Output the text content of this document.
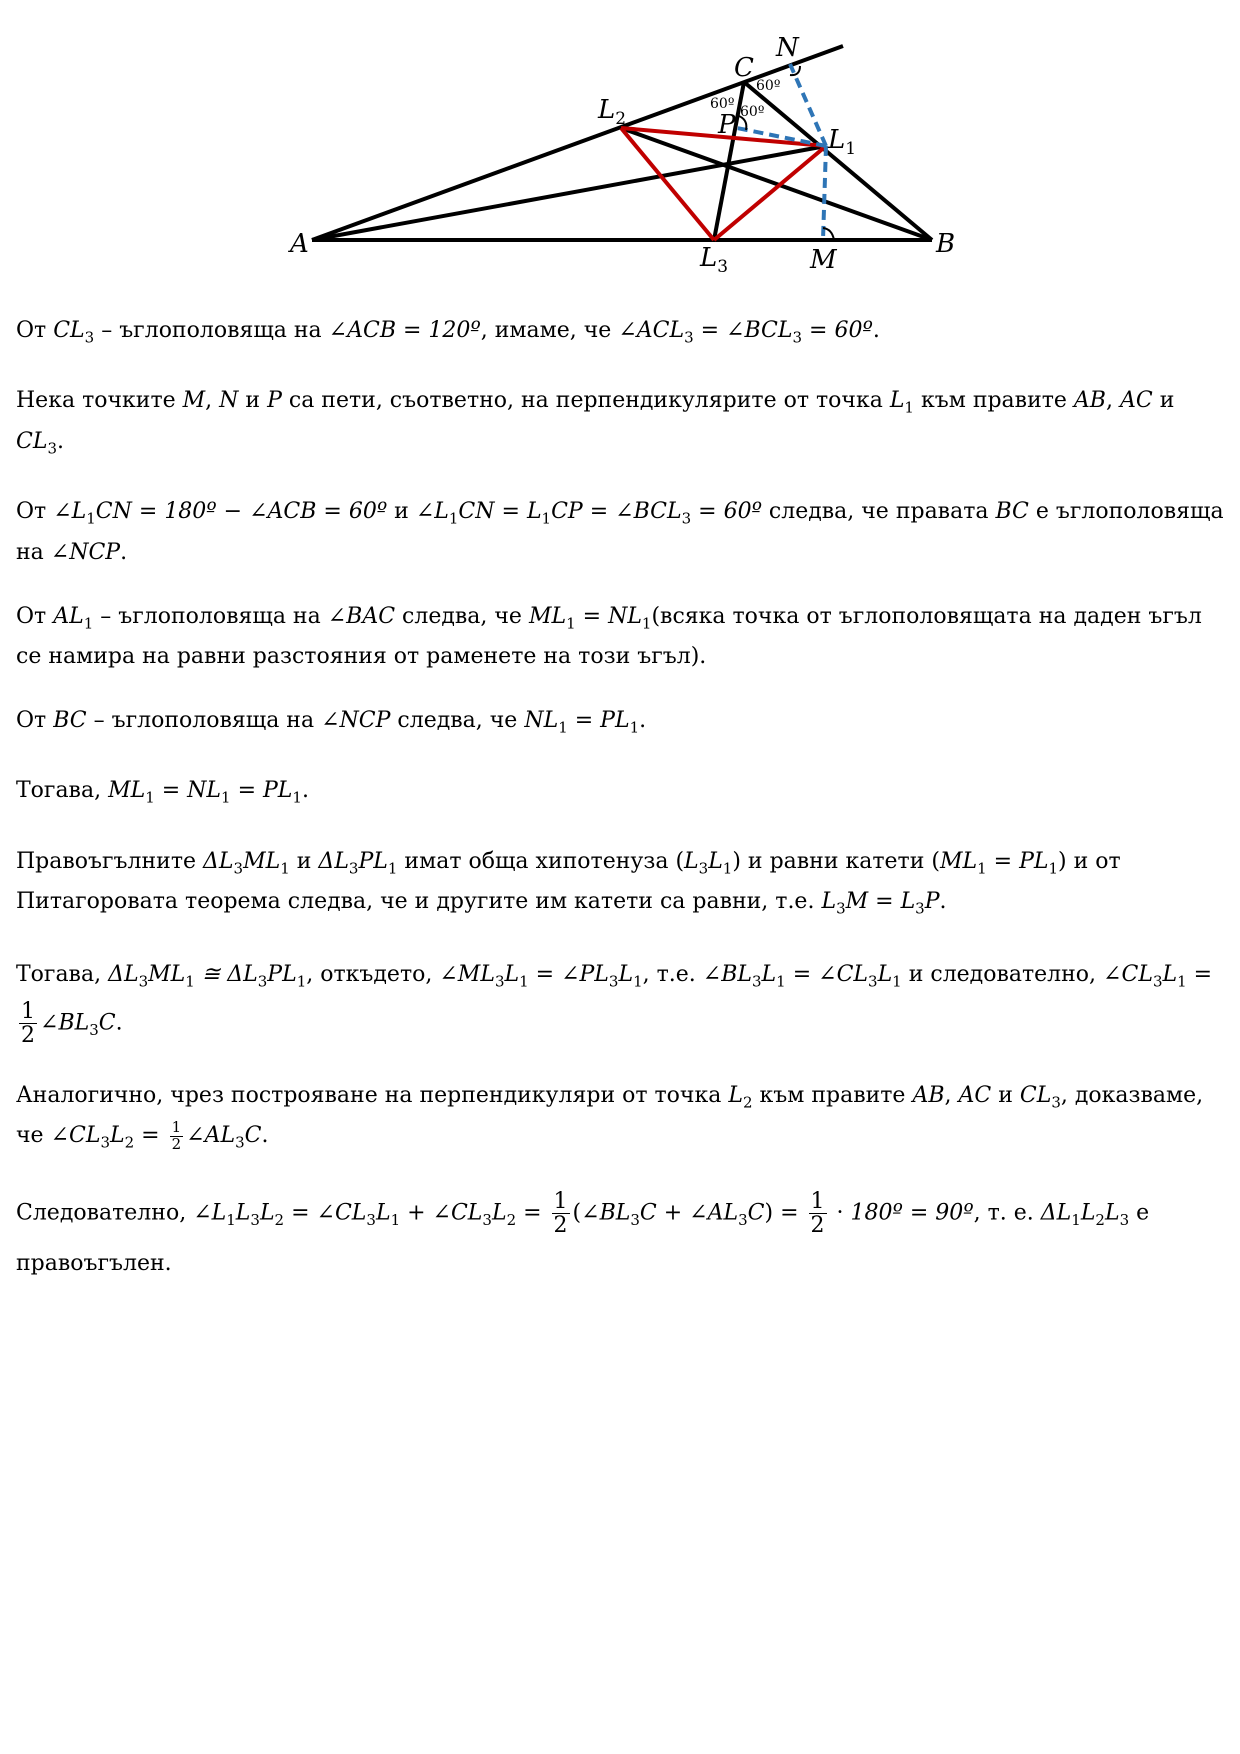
A	B
C
N
M
P
$L_2$
$L_1$
$L_3$
60º
60º 60º

От $CL_3$ – ъглополовяща на ∠ACB = 120º, имаме, че $\angle ACL_3$ = $\angle BCL_3$ = 60º.

Нека точките M, N и P са пети, съответно, на перпендикулярите от точка $L_1$ към правите AB, AC и $CL_3$.

От $\angle L_1CN$ = 180º − ∠ACB = 60º и $\angle L_1CN = L_1CP$ = $\angle BCL_3$ = 60º следва, че правата BC е ъглополовяща на ∠NCP.

От $AL_1$ – ъглополовяща на ∠BAC следва, че $ML_1$ = $NL_1(всяка$ точка от ъглополовящата на даден ъгъл се намира на равни разстояния от раменете на този ъгъл).

От BC – ъглополовяща на ∠NCP следва, че $NL_1 = PL_1$.

Тогава, $ML_1 = NL_1 = PL_1$.

Правоъгълните $\Delta L_3ML_1$ и $\Delta L_3PL_1$ имат обща хипотенуза $(L_3L_1)$ и равни катети $(ML_1 = PL_1)$ и от Питагоровата теорема следва, че и другите им катети са равни, т.е. $L_3M = L_3P$.

Тогава, $\Delta L_3ML_1$ ≅ $\Delta L_3PL_1$, откъдето, $\angle ML_3L_1$ = $\angle PL_3L_1$, т.е. $\angle BL_3L_1$ = $\angle CL_3L_1$ и следователно, $\angle CL_3L_1$ =
$\frac{1}{2}$ $\angle BL_3C$.

Аналогично, чрез построяване на перпендикуляри от точка $L_2$ към правите AB, AC и $CL_3$, доказваме, че $\angle CL_3L_2 = \frac{1}{2}$ $\angle AL_3C$.

Следователно, $\angle L_1L_3L_2$ = $\angle CL_3L_1$ + $\angle CL_3L_2 = \frac{1}{2}$ ($\angle BL_3C$ + $\angle AL_3C) = \frac{1}{2}$ · 180º = 90º, т. е. $\Delta L_1L_2L_3$ е правоъгълен.
